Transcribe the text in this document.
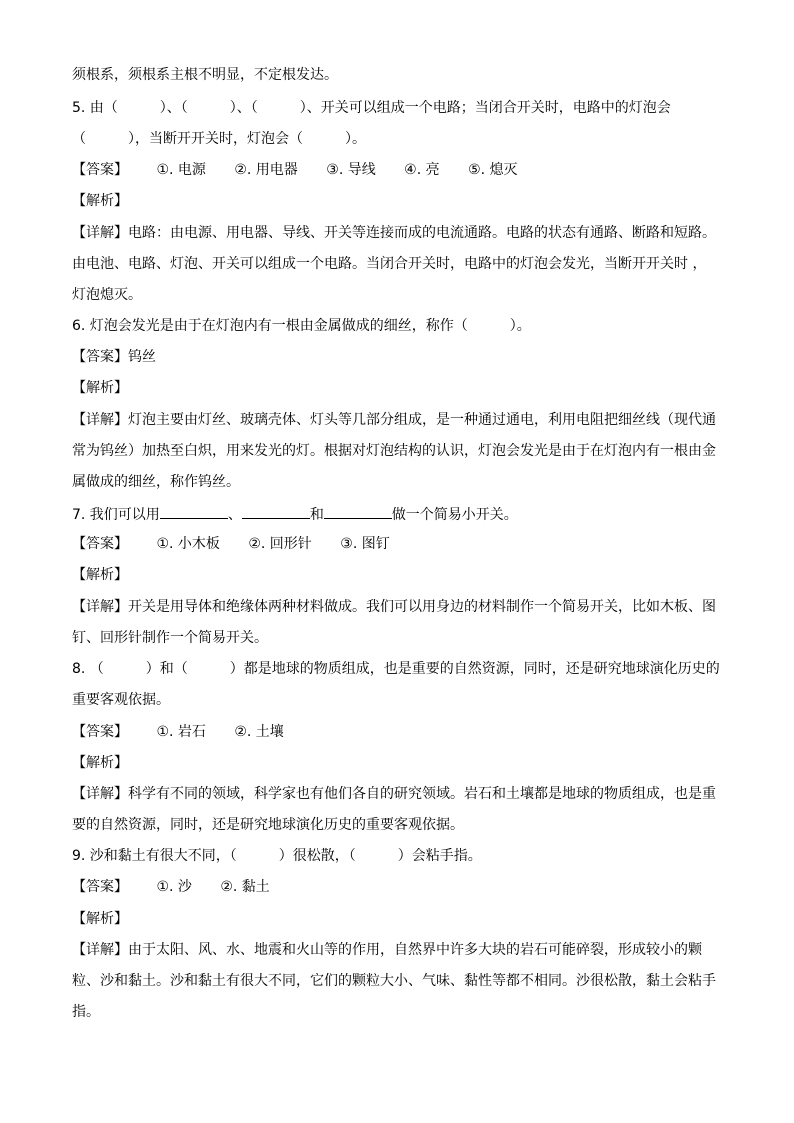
须根系，须根系主根不明显，不定根发达。
5. 由（　　　）、（　　　）、（　　　）、开关可以组成一个电路；当闭合开关时，电路中的灯泡会
（　　　），当断开开关时，灯泡会（　　　）。
【答案】 ①. 电源 ②. 用电器 ③. 导线 ④. 亮 ⑤. 熄灭
【解析】
【详解】电路：由电源、用电器、导线、开关等连接而成的电流通路。电路的状态有通路、断路和短路。
由电池、电路、灯泡、开关可以组成一个电路。当闭合开关时，电路中的灯泡会发光，当断开开关时 ，
灯泡熄灭。
6. 灯泡会发光是由于在灯泡内有一根由金属做成的细丝，称作（　　　）。
【答案】钨丝
【解析】
【详解】灯泡主要由灯丝、玻璃壳体、灯头等几部分组成，是一种通过通电，利用电阻把细丝线（现代通
常为钨丝）加热至白炽，用来发光的灯。根据对灯泡结构的认识，灯泡会发光是由于在灯泡内有一根由金
属做成的细丝，称作钨丝。
7. 我们可以用	、	和	做一个简易小开关。
【答案】 ①. 小木板 ②. 回形针 ③. 图钉
【解析】
【详解】开关是用导体和绝缘体两种材料做成。我们可以用身边的材料制作一个简易开关，比如木板、图
钉、回形针制作一个简易开关。
8. （　　　）和（　　　）都是地球的物质组成，也是重要的自然资源，同时，还是研究地球演化历史的
重要客观依据。
【答案】 ①. 岩石 ②. 土壤
【解析】
【详解】科学有不同的领域，科学家也有他们各自的研究领域。岩石和土壤都是地球的物质组成，也是重
要的自然资源，同时，还是研究地球演化历史的重要客观依据。
9. 沙和黏土有很大不同，（　　　）很松散，（　　　）会粘手指。
【答案】 ①. 沙 ②. 黏土
【解析】
【详解】由于太阳、风、水、地震和火山等的作用，自然界中许多大块的岩石可能碎裂，形成较小的颗
粒、沙和黏土。沙和黏土有很大不同，它们的颗粒大小、气味、黏性等都不相同。沙很松散，黏土会粘手
指。
